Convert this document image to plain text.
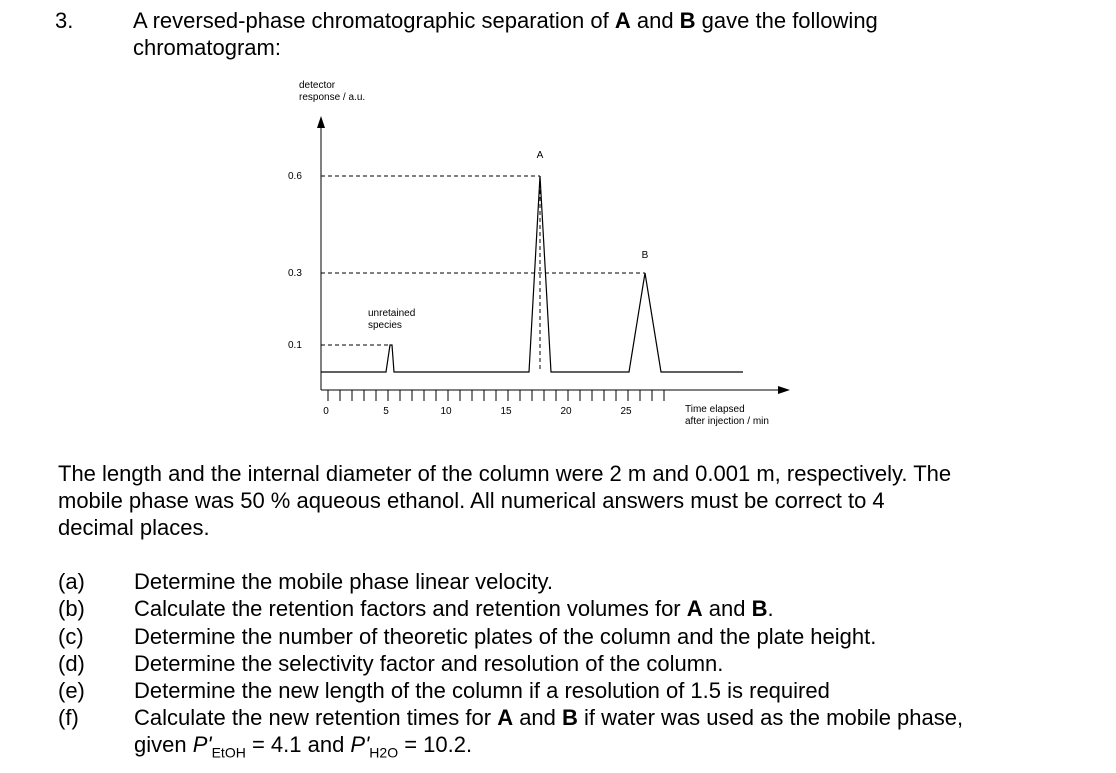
3.	A reversed-phase chromatographic separation of A and B gave the following
chromatogram:
detector
response / a.u.
0.6
0.3
0.1
0	5	10	15	20	25
unretained
species
A
B
Time elapsed
after injection / min
The length and the internal diameter of the column were 2 m and 0.001 m, respectively. The
mobile phase was 50 % aqueous ethanol. All numerical answers must be correct to 4
decimal places.
(a) Determine the mobile phase linear velocity.
(b) Calculate the retention factors and retention volumes for A and B.
(c) Determine the number of theoretic plates of the column and the plate height.
(d) Determine the selectivity factor and resolution of the column.
(e) Determine the new length of the column if a resolution of 1.5 is required
(f)	Calculate the new retention times for A and B if water was used as the mobile phase,
given $P'_{EtOH} = 4.1$ and $P'_{H2O} = 10.2$.
